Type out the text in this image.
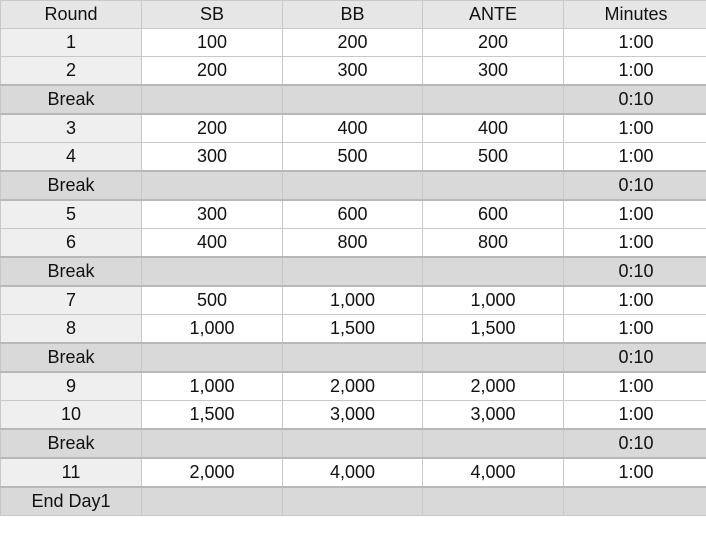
Round	SB	BB	ANTE	Minutes
1	100	200	200	1:00
2	200	300	300	1:00
Break				0:10
3	200	400	400	1:00
4	300	500	500	1:00
Break				0:10
5	300	600	600	1:00
6	400	800	800	1:00
Break				0:10
7	500	1,000	1,000	1:00
8	1,000	1,500	1,500	1:00
Break				0:10
9	1,000	2,000	2,000	1:00
10	1,500	3,000	3,000	1:00
Break				0:10
11	2,000	4,000	4,000	1:00
End Day1				
